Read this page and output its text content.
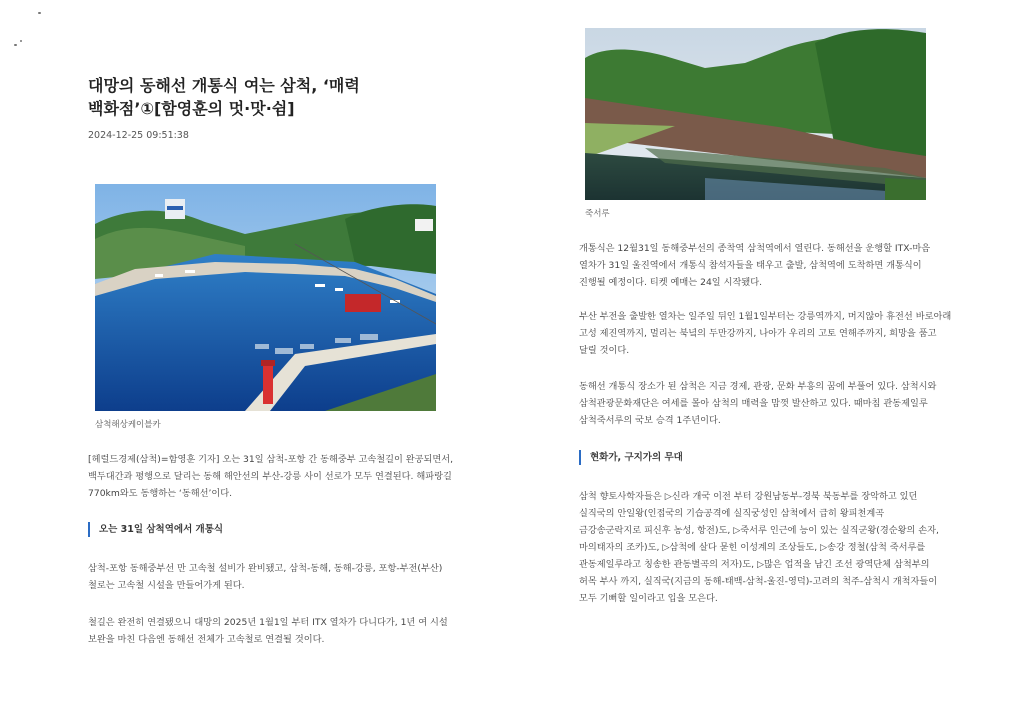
대망의 동해선 개통식 여는 삼척, ‘매력
백화점’①[함영훈의 멋·맛·쉼]
2024-12-25 09:51:38
삼척해상케이블카

[헤럴드경제(삼척)=함영훈 기자] 오는 31일 삼척-포항 간 동해중부 고속철길이 완공되면서,
백두대간과 평행으로 달리는 동해 해안선의 부산-강릉 사이 선로가 모두 연결된다. 해파랑길
770km와도 동행하는 ‘동해선’이다.

오는 31일 삼척역에서 개통식

삼척-포항 동해중부선 만 고속철 설비가 완비됐고, 삼척-동해, 동해-강릉, 포항-부전(부산)
철로는 고속철 시설을 만들어가게 된다.

철길은 완전히 연결됐으니 대망의 2025년 1월1일 부터 ITX 열차가 다니다가, 1년 여 시설
보완을 마친 다음엔 동해선 전체가 고속철로 연결될 것이다.

죽서루

개통식은 12월31일 동해중부선의 종착역 삼척역에서 열린다. 동해선을 운행할 ITX-마음
열차가 31일 울진역에서 개통식 참석자들을 태우고 출발, 삼척역에 도착하면 개통식이
진행될 예정이다. 티켓 예매는 24일 시작됐다.

부산 부전을 출발한 열차는 일주일 뒤인 1월1일부터는 강릉역까지, 머지않아 휴전선 바로아래
고성 제진역까지, 멀리는 북녘의 두만강까지, 나아가 우리의 고토 연해주까지, 희망을 품고
달릴 것이다.

동해선 개통식 장소가 된 삼척은 지금 경제, 관광, 문화 부흥의 꿈에 부풀어 있다. 삼척시와
삼척관광문화재단은 여세를 몰아 삼척의 매력을 맘껏 발산하고 있다. 때마침 관동제일루
삼척죽서루의 국보 승격 1주년이다.

현화가, 구지가의 무대

삼척 향토사학자들은 ▷신라 개국 이전 부터 강원남동부-경북 북동부를 장악하고 있던
실직국의 안일왕(인접국의 기습공격에 실직궁성인 삼척에서 급히 왕피천계곡
금강송군락지로 피신후 농성, 항전)도, ▷죽서루 인근에 능이 있는 실직군왕(경순왕의 손자,
마의태자의 조카)도, ▷삼척에 살다 묻힌 이성계의 조상들도, ▷송강 정철(삼척 죽서루를
관동제일루라고 칭송한 관동별곡의 저자)도, ▷많은 업적을 남긴 조선 광역단체 삼척부의
허목 부사 까지, 실직국(지금의 동해-태백-삼척-울진-영덕)-고려의 척주-삼척시 개척자들이
모두 기뻐할 일이라고 입을 모은다.
